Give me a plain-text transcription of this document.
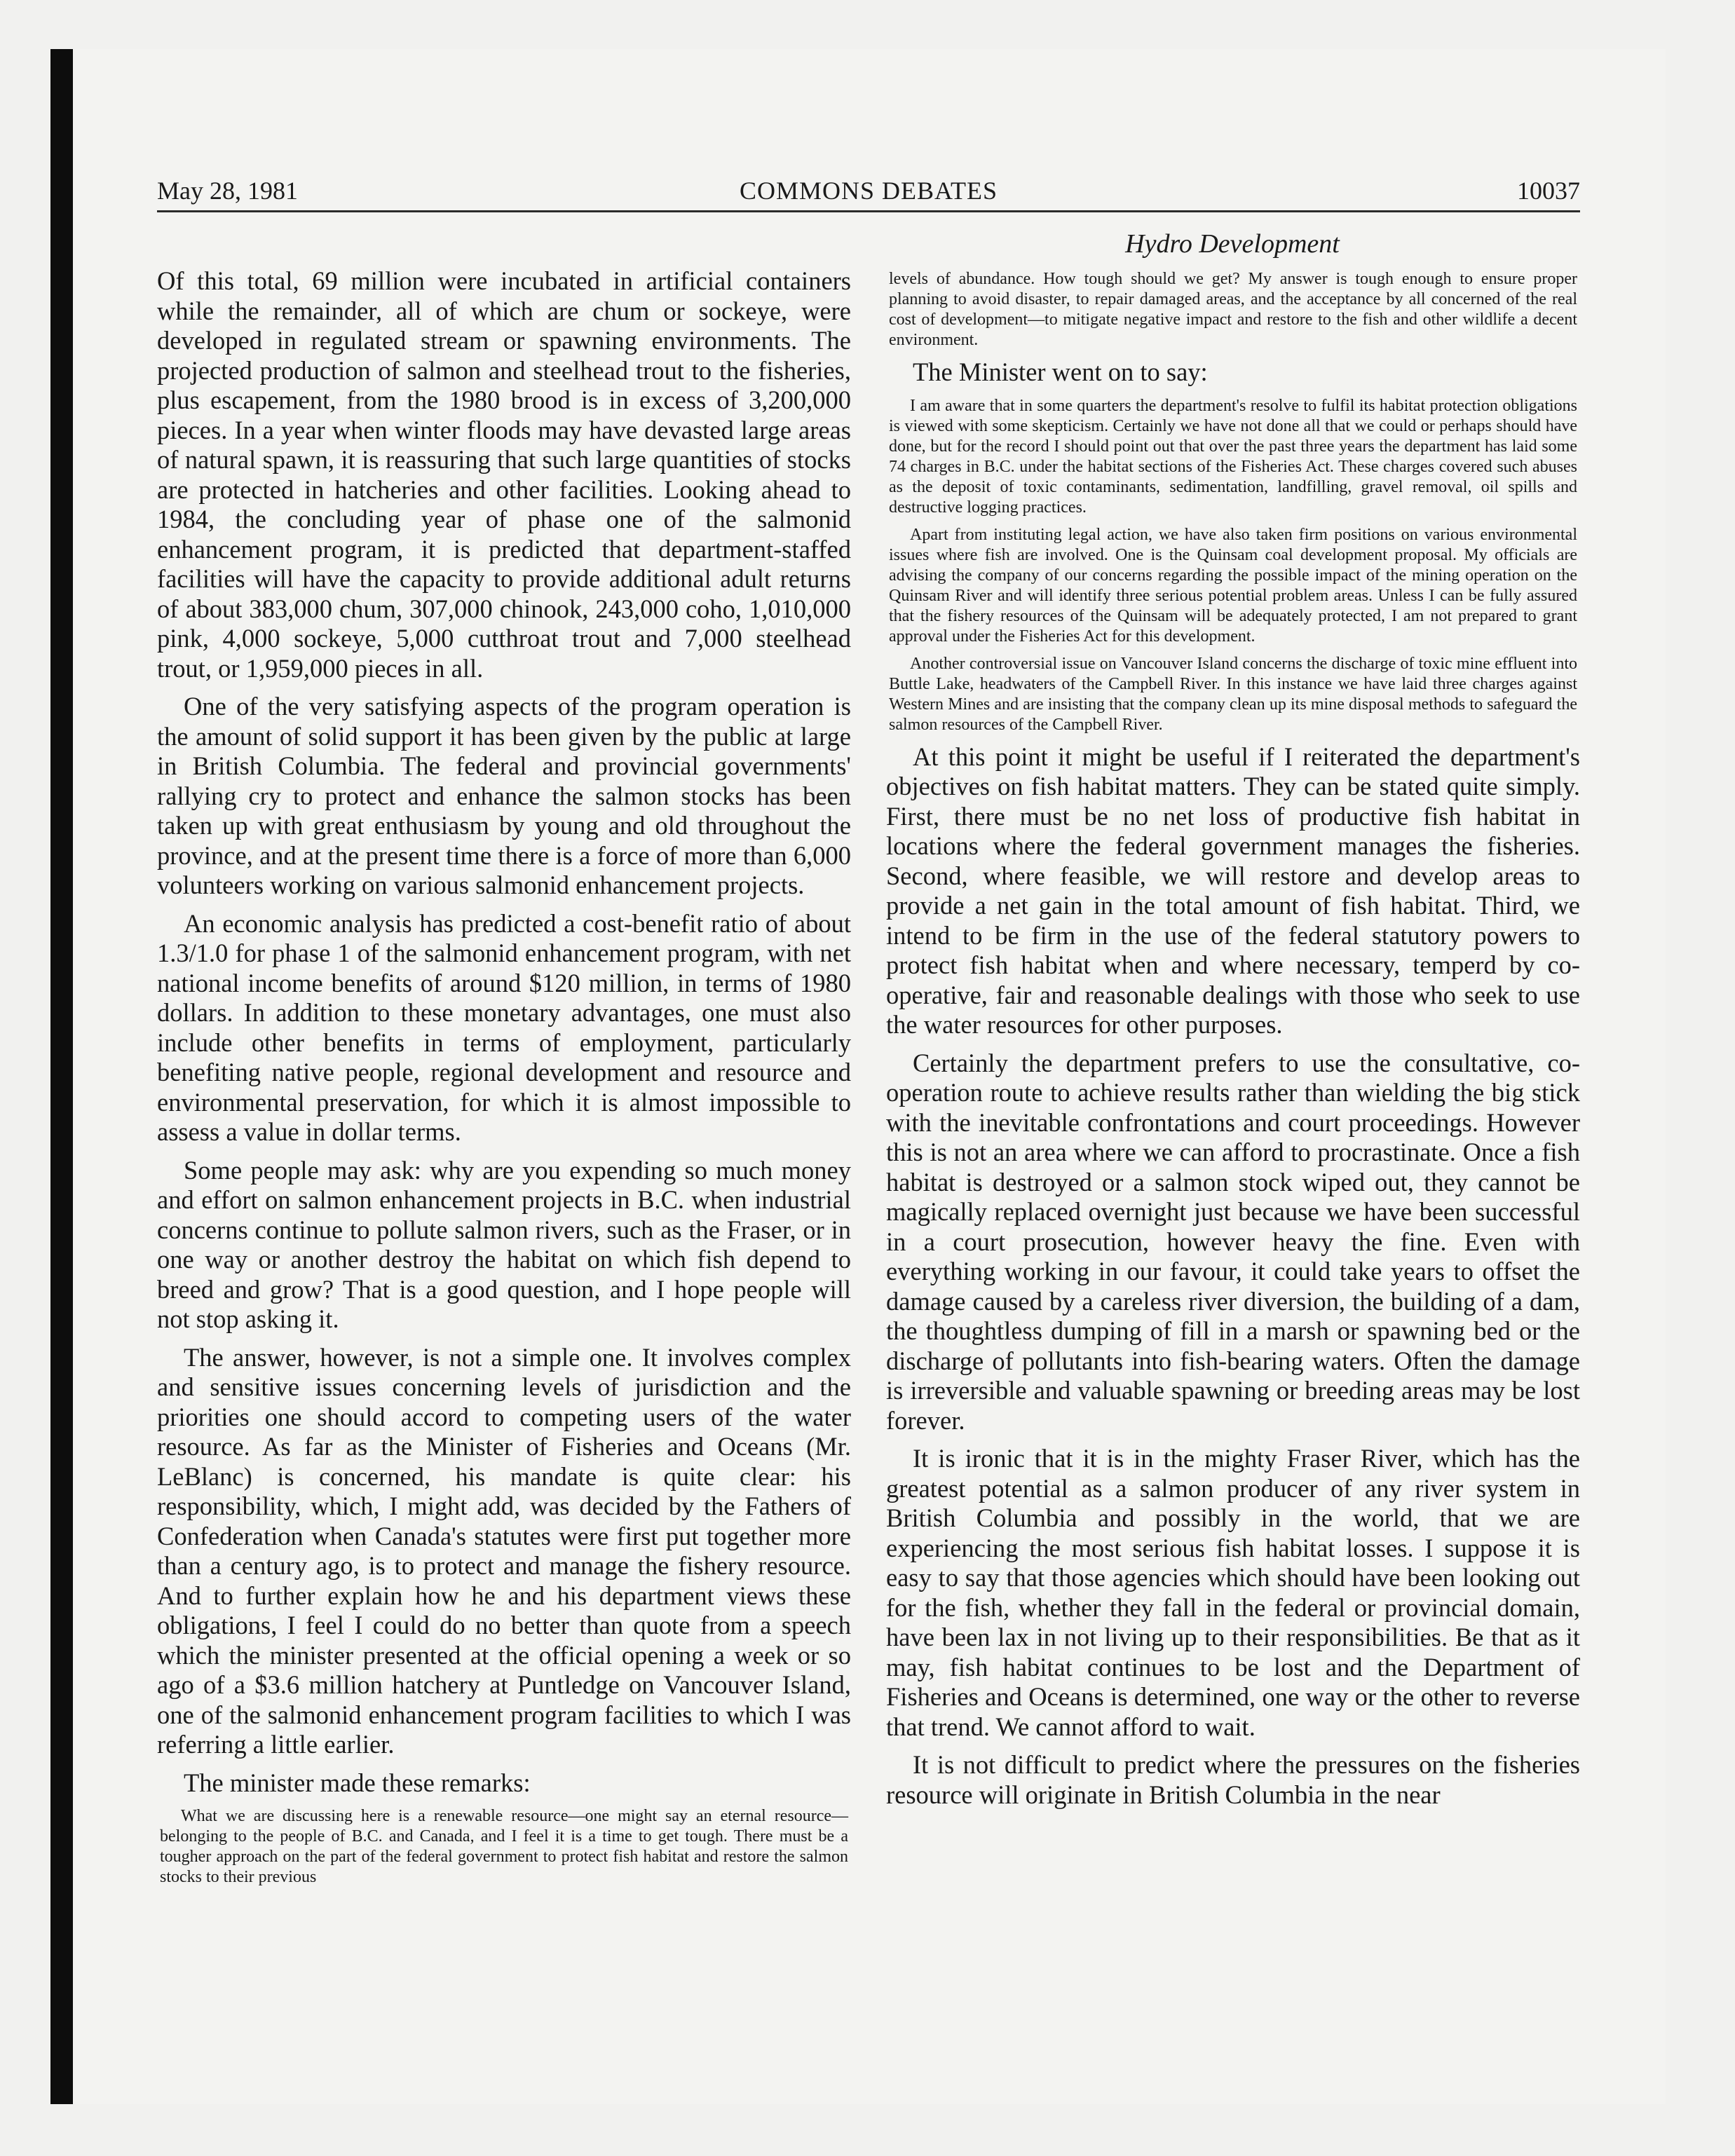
May 28, 1981	COMMONS DEBATES	10037
Hydro Development

Of this total, 69 million were incubated in artificial containers while the remainder, all of which are chum or sockeye, were developed in regulated stream or spawning environments. The projected production of salmon and steelhead trout to the fisheries, plus escapement, from the 1980 brood is in excess of 3,200,000 pieces. In a year when winter floods may have devasted large areas of natural spawn, it is reassuring that such large quantities of stocks are protected in hatcheries and other facilities. Looking ahead to 1984, the concluding year of phase one of the salmonid enhancement program, it is predicted that department-staffed facilities will have the capacity to provide additional adult returns of about 383,000 chum, 307,000 chinook, 243,000 coho, 1,010,000 pink, 4,000 sockeye, 5,000 cutthroat trout and 7,000 steelhead trout, or 1,959,000 pieces in all.

One of the very satisfying aspects of the program operation is the amount of solid support it has been given by the public at large in British Columbia. The federal and provincial governments' rallying cry to protect and enhance the salmon stocks has been taken up with great enthusiasm by young and old throughout the province, and at the present time there is a force of more than 6,000 volunteers working on various salmonid enhancement projects.

An economic analysis has predicted a cost-benefit ratio of about 1.3/1.0 for phase 1 of the salmonid enhancement program, with net national income benefits of around $120 million, in terms of 1980 dollars. In addition to these monetary advantages, one must also include other benefits in terms of employment, particularly benefiting native people, regional development and resource and environmental preservation, for which it is almost impossible to assess a value in dollar terms.

Some people may ask: why are you expending so much money and effort on salmon enhancement projects in B.C. when industrial concerns continue to pollute salmon rivers, such as the Fraser, or in one way or another destroy the habitat on which fish depend to breed and grow? That is a good question, and I hope people will not stop asking it.

The answer, however, is not a simple one. It involves complex and sensitive issues concerning levels of jurisdiction and the priorities one should accord to competing users of the water resource. As far as the Minister of Fisheries and Oceans (Mr. LeBlanc) is concerned, his mandate is quite clear: his responsibility, which, I might add, was decided by the Fathers of Confederation when Canada's statutes were first put together more than a century ago, is to protect and manage the fishery resource. And to further explain how he and his department views these obligations, I feel I could do no better than quote from a speech which the minister presented at the official opening a week or so ago of a $3.6 million hatchery at Puntledge on Vancouver Island, one of the salmonid enhancement program facilities to which I was referring a little earlier.

The minister made these remarks:

What we are discussing here is a renewable resource—one might say an eternal resource—belonging to the people of B.C. and Canada, and I feel it is a time to get tough. There must be a tougher approach on the part of the federal government to protect fish habitat and restore the salmon stocks to their previous

levels of abundance. How tough should we get? My answer is tough enough to ensure proper planning to avoid disaster, to repair damaged areas, and the acceptance by all concerned of the real cost of development—to mitigate negative impact and restore to the fish and other wildlife a decent environment.

The Minister went on to say:

I am aware that in some quarters the department's resolve to fulfil its habitat protection obligations is viewed with some skepticism. Certainly we have not done all that we could or perhaps should have done, but for the record I should point out that over the past three years the department has laid some 74 charges in B.C. under the habitat sections of the Fisheries Act. These charges covered such abuses as the deposit of toxic contaminants, sedimentation, landfilling, gravel removal, oil spills and destructive logging practices.

Apart from instituting legal action, we have also taken firm positions on various environmental issues where fish are involved. One is the Quinsam coal development proposal. My officials are advising the company of our concerns regarding the possible impact of the mining operation on the Quinsam River and will identify three serious potential problem areas. Unless I can be fully assured that the fishery resources of the Quinsam will be adequately protected, I am not prepared to grant approval under the Fisheries Act for this development.

Another controversial issue on Vancouver Island concerns the discharge of toxic mine effluent into Buttle Lake, headwaters of the Campbell River. In this instance we have laid three charges against Western Mines and are insisting that the company clean up its mine disposal methods to safeguard the salmon resources of the Campbell River.

At this point it might be useful if I reiterated the department's objectives on fish habitat matters. They can be stated quite simply. First, there must be no net loss of productive fish habitat in locations where the federal government manages the fisheries. Second, where feasible, we will restore and develop areas to provide a net gain in the total amount of fish habitat. Third, we intend to be firm in the use of the federal statutory powers to protect fish habitat when and where necessary, temperd by co-operative, fair and reasonable dealings with those who seek to use the water resources for other purposes.

Certainly the department prefers to use the consultative, co-operation route to achieve results rather than wielding the big stick with the inevitable confrontations and court proceedings. However this is not an area where we can afford to procrastinate. Once a fish habitat is destroyed or a salmon stock wiped out, they cannot be magically replaced overnight just because we have been successful in a court prosecution, however heavy the fine. Even with everything working in our favour, it could take years to offset the damage caused by a careless river diversion, the building of a dam, the thoughtless dumping of fill in a marsh or spawning bed or the discharge of pollutants into fish-bearing waters. Often the damage is irreversible and valuable spawning or breeding areas may be lost forever.

It is ironic that it is in the mighty Fraser River, which has the greatest potential as a salmon producer of any river system in British Columbia and possibly in the world, that we are experiencing the most serious fish habitat losses. I suppose it is easy to say that those agencies which should have been looking out for the fish, whether they fall in the federal or provincial domain, have been lax in not living up to their responsibilities. Be that as it may, fish habitat continues to be lost and the Department of Fisheries and Oceans is determined, one way or the other to reverse that trend. We cannot afford to wait.

It is not difficult to predict where the pressures on the fisheries resource will originate in British Columbia in the near
